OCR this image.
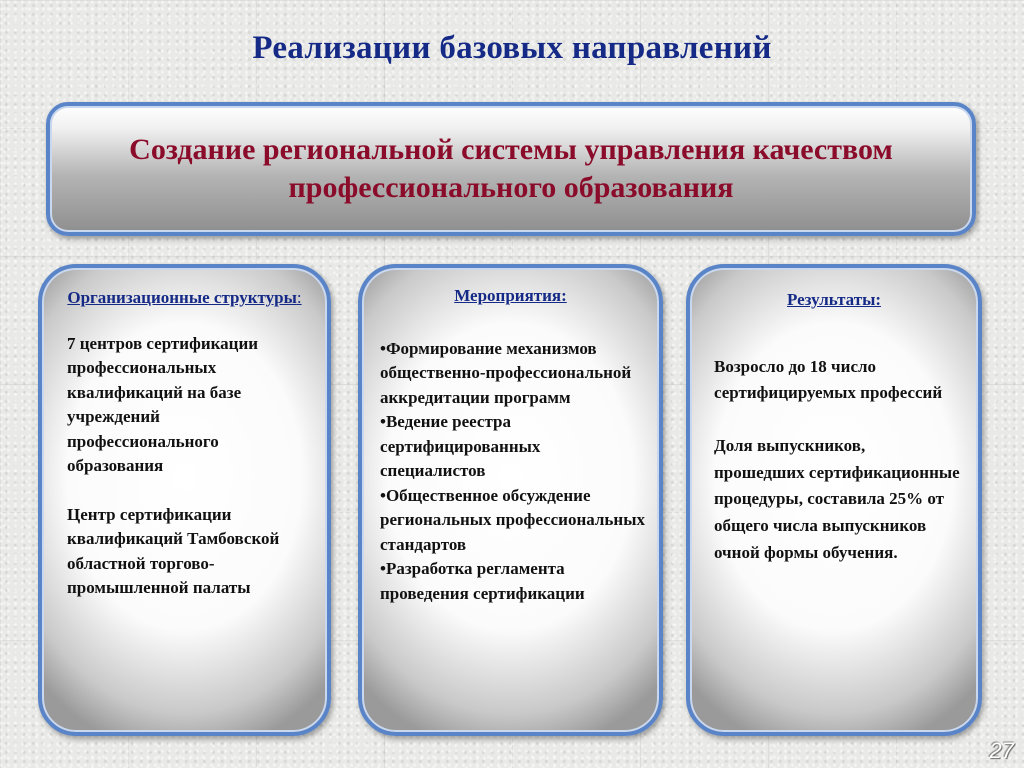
Реализации базовых направлений
Создание региональной системы управления качеством
профессионального образования
Организационные структуры:
7 центров сертификации профессиональных квалификаций на базе учреждений профессионального образования
Центр сертификации квалификаций Тамбовской областной торгово-промышленной палаты
Мероприятия:
•Формирование механизмов общественно-профессиональной аккредитации программ
•Ведение реестра сертифицированных специалистов
•Общественное обсуждение региональных профессиональных стандартов
•Разработка регламента проведения сертификации
Результаты:
Возросло до 18 число сертифицируемых профессий
Доля выпускников, прошедших сертификационные процедуры, составила 25% от общего числа выпускников очной формы обучения.
27
